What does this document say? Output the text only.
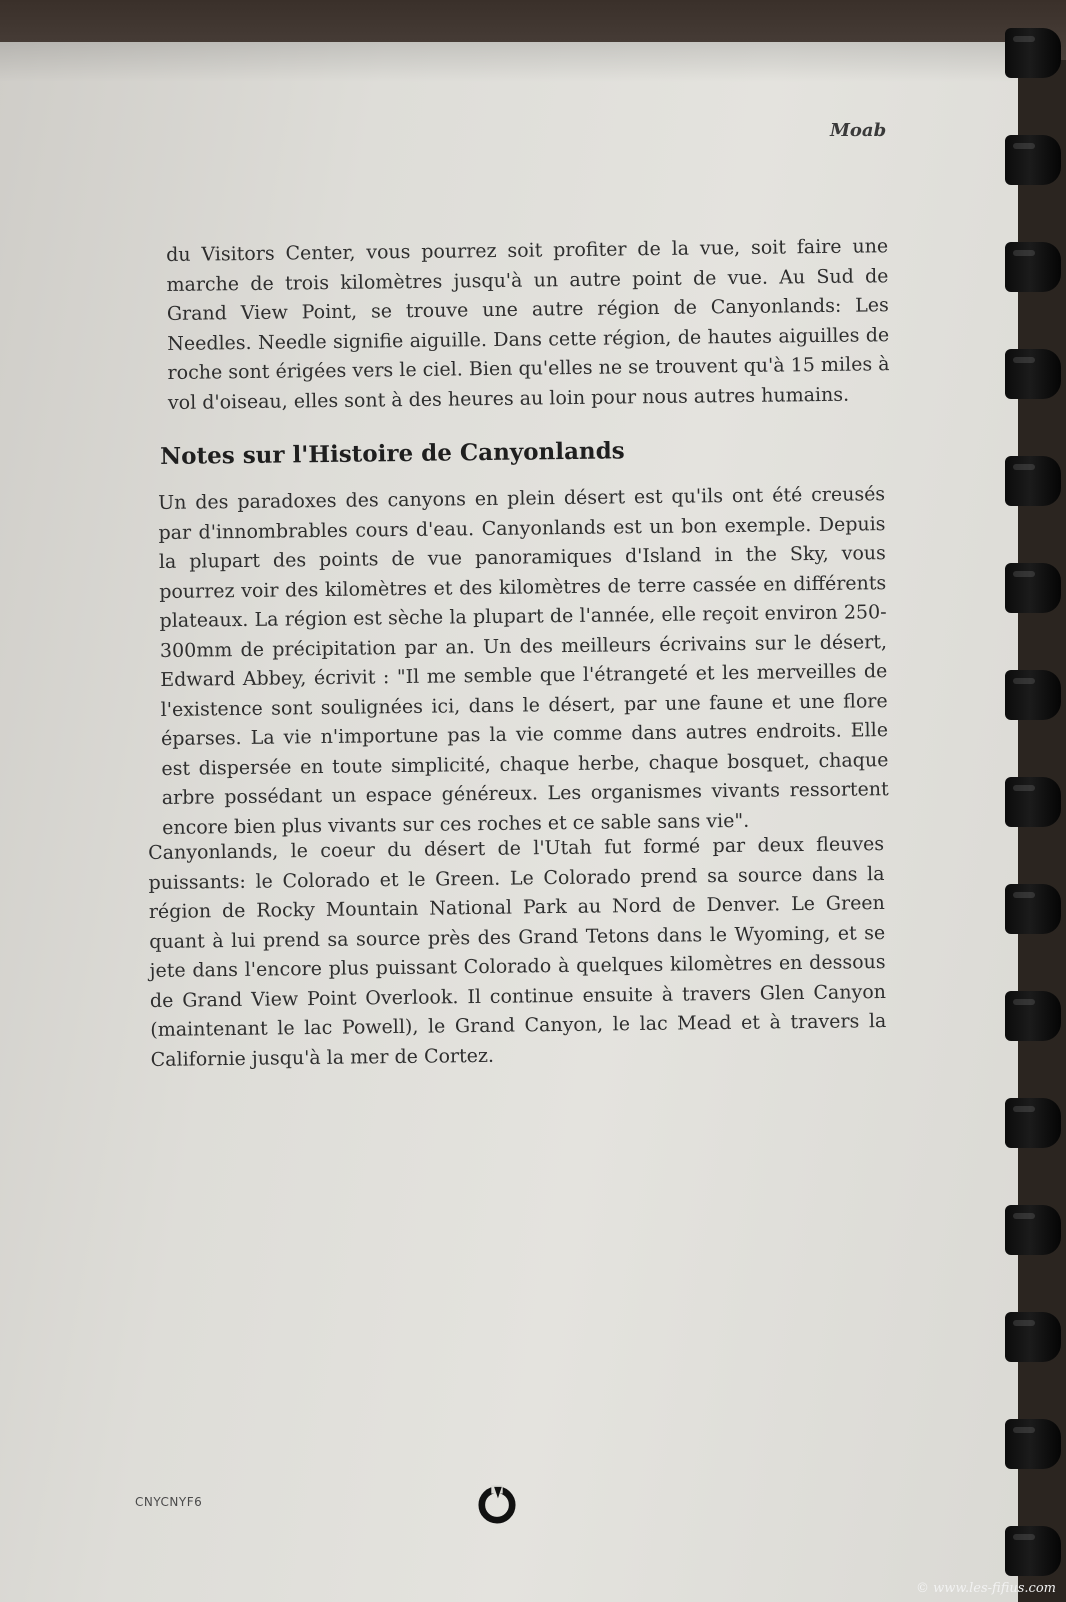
Moab

du Visitors Center, vous pourrez soit profiter de la vue, soit faire une marche de trois kilomètres jusqu'à un autre point de vue. Au Sud de Grand View Point, se trouve une autre région de Canyonlands: Les Needles. Needle signifie aiguille. Dans cette région, de hautes aiguilles de roche sont érigées vers le ciel. Bien qu'elles ne se trouvent qu'à 15 miles à vol d'oiseau, elles sont à des heures au loin pour nous autres humains.

Notes sur l'Histoire de Canyonlands

Un des paradoxes des canyons en plein désert est qu'ils ont été creusés par d'innombrables cours d'eau. Canyonlands est un bon exemple. Depuis la plupart des points de vue panoramiques d'Island in the Sky, vous pourrez voir des kilomètres et des kilomètres de terre cassée en différents plateaux. La région est sèche la plupart de l'année, elle reçoit environ 250-300mm de précipitation par an. Un des meilleurs écrivains sur le désert, Edward Abbey, écrivit : "Il me semble que l'étrangeté et les merveilles de l'existence sont soulignées ici, dans le désert, par une faune et une flore éparses. La vie n'importune pas la vie comme dans autres endroits. Elle est dispersée en toute simplicité, chaque herbe, chaque bosquet, chaque arbre possédant un espace généreux. Les organismes vivants ressortent encore bien plus vivants sur ces roches et ce sable sans vie".

Canyonlands, le coeur du désert de l'Utah fut formé par deux fleuves puissants: le Colorado et le Green. Le Colorado prend sa source dans la région de Rocky Mountain National Park au Nord de Denver. Le Green quant à lui prend sa source près des Grand Tetons dans le Wyoming, et se jete dans l'encore plus puissant Colorado à quelques kilomètres en dessous de Grand View Point Overlook. Il continue ensuite à travers Glen Canyon (maintenant le lac Powell), le Grand Canyon, le lac Mead et à travers la Californie jusqu'à la mer de Cortez.

CNYCNYF6
© www.les-fifius.com
